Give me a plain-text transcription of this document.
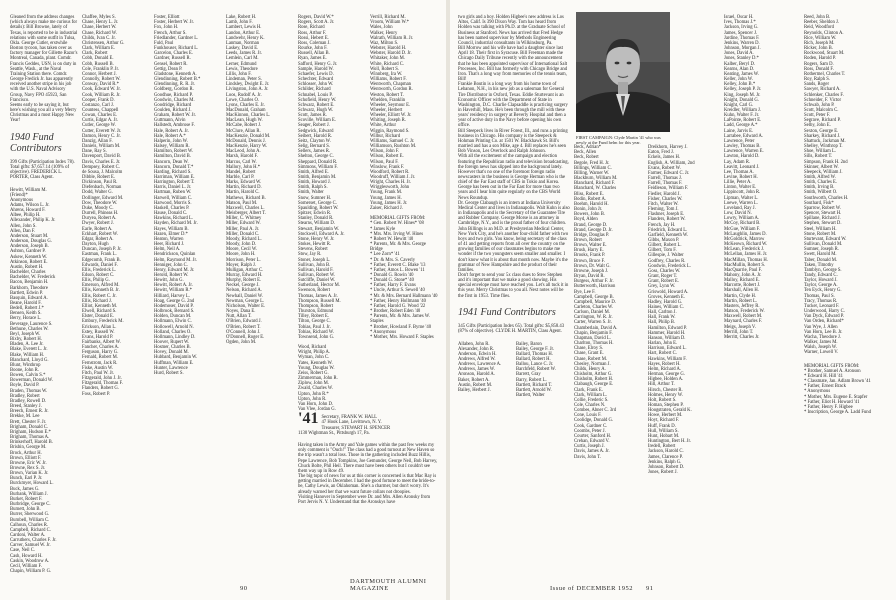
Gleaned from the address changes (which always make me curious for details): Bill Browne, lately of Texas, is reported to be in industrial relations with some outfit in Tulsa, Okla. George Cutler, erstwhile Boston tycoon, has taken over as factory manager for Gillette Razor's Montreal, Canada, plant. Comdr. Francis Geddes, USN, is on duty in Seattle, Wash., at the Naval Training Station there. Comdr. George Fredick Jr. has apparently received another stripe in his job with the U.S. Naval Advisory Group, Navy FPO 45923, San Francisco.
Seems early to be saying it, but here's wishing you all a very Merry Christmas and a most Happy New Year!

1940 Fund Contributors

399 Gifts (Participation Index 78). Total gifts: $7,657.14 (109% of objective). FREDERICK L. PORTER, Class Agent.

Hewitt, William M.
(Friend)*
Anonymous
Adams, Wilson L. Jr.
Ahrens, Howard F.
Albee, Philip H.
Allexander, Philip K. Jr.
Allen, John S.
Allen, Dan F.
Anderson, Stuart M.
Anderson, Douglas G.
Anderson, Joseph B.
Ashton, Gardner P.
Askew, Kenneth W.
Atkinson, Robert E.
Austin, Robert H.
Bachelder, Charles
Bachelder, W. Frederick
Bacon, Benjamin H.
Barkhorn, Theodore
Bartlett, Edwin P.
Basquin, Edward A.
Beane, Harold F.
Bedell, Robert J.*
Bensen, Keith S.
Berry, Horace L.
Beverage, Laurence S.
Bethune, Charles W.
Beyl, Joseph W.
Bixby, Robert H.
Bladen, A. Lee Jr.
Blake, Everett L. Jr.
Blake, William H.
Blanchard, Lloyd G.
Blunt, Winthrop
Boone, John R.
Bowen, Calvin S.*
Bowerman, Donald W.
Boyle, David P.
Braden, Thomas W.
Bradley, Robert
Bradley, Rowell D.
Breed, Stanley J.
Breech, Ernest R. Jr.
Brekke, M. Lee
Brett, Chester F. Jr.
Brigham, Donald C.
Brigham, Hudson E.*
Brigham, Thomas A.
Brinkerhoff, Harold B.
Brisbin, George M.
Brock, Arthur H.
Brown, Elliott F.
Browne, Eric W. Jr.
Browne, Rex S. Jr.
Brown, Varian K. Jr.
Bunch, Earl P. Jr.
Burckmyer, Howard L.
Buck, James G.
Burbank, William J.
Burket, Robert F.
Burbridge, George C.
Burnett, John B.
Burrer, Sherwood G.
Burnbell, William C.
Calhoun, Charles R.
Campbell, Richard C.
Cardoni, Walter A.
Carruthers, Charles F. Jr.
Carver, Samuel W. Jr.
Case, Neil C.
Cash, Howard H.
Caskin, Woodrow A.
Cecil, William F.
Chapin, William P. G.

Chaffee, Myles S.
Chase, Henry L. Jr.
Chase, Herbert W.
Chase, Richard W.
Childs, Ivan C. Jr.
Christensen, Arthur G.
Clark, William E.
Clark, Robert
Cobb, Donald E.
Cobb, Russell B.
Cole, Franklin P. Jr.
Connor, Herbert J.
Connolly, Robert W.
Conway, David R.*
Cook, Edward W. Jr.
Cook, William R. Jr.
Cooper, Frank D.
Costanzo, Carl J.
Countess, Chappell
Cowan, Charles E.
Curtis, Edgar A. Jr.
Cutler, George W.
Cutter, Everett W. Jr.
Damon, Henry C. Jr.
Danzig, Allan F.
Daniels, William M.
Dane, Ray S.
Davenport, David B.
Davis, Charles E. Jr.
Dempsey, Robert C.
de Sousa, J. Malcolm
Dibble, Robert E.
Dickinson, Paul R.
Diefenbach, Norman
Dodd, Walter G.
Dollinger, Edward M.
Dow, Theodore W.
Duke, Moody C.
Durrell, Phineas H.
Duryea, Robert A.
Dwyer, Robert J.
Earle, Robert A.
Eckhart, Robert W.
Edgar, Robert A.
Dayton, Hugh
Duncan, Joseph P. Jr.
Eastman, Frank L.
Edgecomb, Frank B.
Edwards, Daniel F.
Ellis, Frederick L.
Edson, Robert C.
Ellis, Philip G.
Emerson, Alfred M.
Ellis, Kenneth B. Jr.
Ellis, Robert C. Jr.
Ellis, Richard J.
Elliot, Kenneth M.
Elwell, Richard S.
Elster, Donald E.
Embury, Frederick M.
Erickson, Allan L.
Estey, Russell W.
Evans, Harold P.
Fairbanks, Albert W.
Fancher, Charles A.
Ferguson, Harry G.
Fernald, Robert M.
Fernstrom, Jack R.
Fiske, Austin W.
Fitch, Paul W. Jr.
Fitzgerald, John J. Jr.
Fitzgerald, Thomas F.
Flanders, Robert G.
Foss, Robert P.

Foster, Elliott
Foster, Herbert W. Jr.
Fox, John H.
French, Arthur S.
Friedlander, Gardner L.
Fuld, Paul
Funkhouser, Richard L.
Garcelon, Charles E.
Gardner, Russell R.
Gensel, Robert R.
Gettig, Dean P.
Gladstone, Kenneth A.
Glendinning, Robert B.*
Glendinning, R. R. Jr.
Goldberg, Gordon R.
Goodhue, Richard P.
Goodwin, Charles M.
Goodridge, Richard
Goulden, Richard J.
Graham, Robert W. Jr.
Guttmann, Alvin
Hallstedt, Ambrose F.
Hale, Robert A. Jr.
Hale, Robert A.*
Halperin, John W.
Halsey, William R.
Hamilton, Robert W.
Hamilton, David B.
Hancorn, Dean W.
Hancorn, Donald T.*
Harding, Richard S.
Harriman, William E.
Harrington, Robert T.
Harris, Daniel L. Jr.
Hartman, Ruben W.
Harwell, William C.
Harwood, Morris S.
Haskell, Charles P.
Hause, Donald C.
Hawkins, Richard L.
Hayden, Richard M. Jr.
Hayes, William B.
Hazen, Elmer D.*
Heaton, Warren
Heer, Richard J.
Helm, Neil A.
Hendrickson, Quinlan
Helm, Raymond M. Jr.
Henniger, John C.
Henry, Edward M. Jr.
Herold, Robert W.
Hewitt, John G.
Hewitt, Robert A. Jr.
Hewitt, William R.*
Hilliard, Harvey L.
Hoag, George G. 2nd
Hodemoser, David P.
Holbrook, Bernard S.
Holden, Duncan M.
Hollmann, Elwin C.
Hollowell, Arnold N.
Holland, Charles O.
Hollmann, Lindley D.
Hoover, Rupert W.
Hosmer, Charles B.
Hovey, Donald M.
Hubbard, Benjamin W.
Huffman, William E.
Hunter, Lawrence
Hurd, Robert S.

Lake, Robert H.
Lamb, John F.
Lambert, Lewis H.
Landon, Arthur E.
Landwehr, Henry K.
Lanman, Norman
Laskey, David E.
Leeds, James R. Jr.
Lemlein, Carl M.
Lerner, Edmund
Lewis, Theodore
Lillis, John F.
Lindeman, Peter S.
Lindsley, Dwight E. Jr.
Livingston, John A. Jr.
Loos, Rudolf A. Jr.
Lowe, Charles O.
Lyons, Charles E. Jr.
MacDonald, Graham
MacKinnon, Charles L.
MacLean, Hugh W.
McCabe, Robert J.
McClure, Allan R.
MacKenzie, Donald M.
McDonald, Dennis J.
MacKenzie, Harry W.
MacLeod, John A.
Marsh, Harold F.
Marcus, Carl W.
Mallory, John H.*
Mandel, Robert
Marble, Carl P.
Marks, Edward W.
Martin, Richard D.
Martin, Harold C.
Mathews, Richard B.
Matson, Paul M.
Maxwell, Charles L.
Meisberger, Albert T.
Miller, C. Whitney
Miller, Edward W.
Miller, Paul A. Jr.
Miller, Donald C.
Moody, Richard L.
Moody, John D.
Moore, Cecil W.
Moore, John H.
Morrison, Peter L.
Moyer, Ralph J.
Mulligan, Arthur C.
Murray, Edward H.
Murphy, Robert E.
Neckel, George J.
Nelson, Richard A.
Newhall, Daniel W.
Newman, George L.
Nicholson, Walter E.
Noyes, Dana E.
Nutt, Allan T.
O'Brien, Edward J.
O'Brien, Robert T.
O'Connell, John J.
O'Donnell, Roger E.
Ogden, John M.

Rogers, David W.*
Rogers, Scott A. Jr.
Rose, Richard
Ross, Arthur F.
Rossi, Hebert E.
Ross, Coleman J.
Rourke, John F.
Russell, Allan B.
Ryan, James E.
Safford, Henry G. Jr.
Sample, Harold W.
Schaefer, Lewis D.
Schechter, Edward
Schlosser, John W.
Schilder, Richard
Schnabel, Louis P.
Schofield, Henry W.
Schwarz, Robert E.
Schwarz, Hugh W.
Scott, James R.
Scoville, William E.
Seager, Robert J.
Sedgwick, Edward
Seibert, Harold R.
Seitz, Clayton W.
Selig, Bernard S.
Sellers, James R.
Shelton, George C.
Sheppard, Donald R.
Simmons, William F.
Smith, Alfred E.
Smith, Benjamin M.
Smith, Howard J.
Smith, Ralph S.
Smith, Walter
Snow, Sumner H.
Somerset, George C.
Spaulding, Robert W.
Spitzer, Edwin R.
Stanley, Donald R.
Stearns, William D.
Stewart, Benjamin W.
Stockwell, Edward A. Jr.
Stone, Henry W. Jr.
Stokes, Hewitt R.
Stevens, Robert
Stow, Jay R.
Stoner, Joseph L.
Sullivan, John B.
Sullivan, Harold F.
Sullivan, Robert W.
Sutcliffe, Daniel W.
Sutherland, Hector M.
Swenson, Robert
Thomas, James A. Jr.
Thompson, Russell M.
Thompson, Robert
Thurston, Edmund
Tilley, Robert E.
Tilton, George C.
Tobias, Paul J. Jr.
Tobias, Richard W.
Townsend, John G.

Wood, Richard
Wright, Philip A.
Wyman, John C.
Yates, Kenneth W.
Young, Douglas W.
Zeiss, Robert G.
Zimmerman, John R.
Ziplow, John M.
Zwald, Charles W.
Upton, John R.*
Upton, John R.
Van Horn, John D.
Van Vlee, Jordan G.

Verrill, Richard M.
Vroom, William W.*
Wales, John
Walker, Henry
Walrath, William R. Jr.
Waz, Milton S.
Webster, Harold H.
Webster, Harold D. Jr.
Whitaker, John M.
White, Richard C.
Woll, Robert S.
Winnberg, Ira W.
Williams, Robert F.
Wentworth, Chapman
Wentworth, Gordon R.
Weston, Robert T.
Whelden, Franklin
Wheeler, Seymour E.
Wheeler, Herbert
Wheeler, Elliott W. Jr.
Whiting, Joseph R.
White, Arthur
Wiggin, Raymond S.
Wilbur, Richard
Williams, Samuel C. Jr.
Williamson, Rushton M.
Wilson, John F.
Wilson, Robert E.
Wilson, Paul F.
Winslow, Frank F.
Woodford, Robert R.
Woodruff, William J. Jr.
Wright, Charles H. Jr.
Wrigglesworth, John
Young, Frank M.
Young, James H.
Young, James H. Jr.
Zaiser, Richard J.

MEMORIAL GIFTS FROM:
* Gen. Robert W. Hines* '08
* James Kyle
* Mrs. Mrs. Irving W. Hines
* Robert W. Hewitt '40
* Parents, Mr. & Mrs. George Bridge
* Lee Zorn* '41
* Dr. & Mrs. S. Caverly
* Father, Everett C. Blake '13
* Father, Amos L. Bowen '11
* Donald G. Rowin '40
* Donald G. Stone* '40
* Father, Harry F. Evans
* Uncle, Arthur S. Sewell '40
* Mr. & Mrs. Bernard Hallmann '40
* Father, Henry Hollmann '40
* Father, Harold G. Wood '22
* Brother, Robert Eden '40
* Parents, Mr. & Mrs. James W. Staples
* Brother, Howland F. Byrne '40
* Anonymous
* Mother, Mrs. Howard F. Staples

'41 Secretary, FRANK W. HALL
47 Hook Lane, Levittown, N. Y.
Treasurer, STEWART H. SPENCER
1130 Wightman St., Pittsburgh 17, Pa.

Having taken in the Army and Yale games within the past few weeks my only comment is "Ouch!" The class had a good turnout at New Haven so the trip wasn't a total loss. Those in the gathering included Buzz Hillis, Pepe Lawrence, Bob Tompkins, Joe Gemunder, George Neil, Bob Harvey, Chuck Bolte, Phil Heil. There must have been others but I couldn't see them way up in Row 49.
The big topic of news for us at this corner is concerned is that Mac Ray is getting married in December. I had the good fortune to meet the bride-to-be, Cathy Lewis, an Oklahoman. She's a charmer, but don't worry. It's already warned her that we want future collars not droopies.
Visiting Hanover in September were Dr. and Mrs. Allen Aronsky from Port Jervis N. Y. Understand that the Aronskys have

90
DARTMOUTH ALUMNI MAGAZINE

two girls and a boy. Holden Higbee's new address is Los Altos, Calif. Is 390 Dixon Way. Tom has heard from Holden was talking with Ph.D. at the Graduate School of Business at Stanford. News has arrived that Fred Hedge has been named supervisor by Methods Engineering Council, industrial consultants in Wilkinsburg, Pa.
Bill Morrow and his wife have had a daughter since last April 18. Their first in Syracuse. Bill Freeman made the Chicago Daily Tribune recently with the announcement that he has been appointed supervisor of International Salt Processes, Inc. Bill has formerly with Chicago Bridge and Iron. That's a long way from memories of the tennis team, Bill!
Frankie Boutin is a long way from his home town of Lebanon, N.H., in his new job as a salesman for General Tire Distributor in Oxford, Texas. Eddie Sturtevant is an Economic Officer with the Department of State in Washington, D.C. Charlie Clapsaddle is practicing surgery in Haverhill, Mass. He's been through the mill with these years' residency in surgery at Beverly Hospital and then a year of active duty in the Navy before opening his own office.
Bill Steepeck lives in River Forest, Ill., and runs a printing business in Chicago. His company is the Steepeck & Hohman Printing Co. at 1501 W. Blackhawk St. Bill's married and has a son Mike, age 4. Bill replaces he's seen Bob Vinson, Les Overlock and Ralph Johnson.
With all the excitement of the campaign and election featuring the Republican radio and television broadcasting, the foreign news has slipped into the background lately. However that's no one of the foremost foreign radio newscasters in the business is George Herman who is the chief of the Far East staff of CBS in Tokio and Korea. George has been out in the Far East for more than two years and I hear him quite regularly on the CBS World News Roundup.
Dr. George Clabaugh is an intern at Indiana University Medical Center and lives in Indianapolis. Walt Kuhn is also in Indianapolis and is the Secretary of the Guarantee Tire and Rubber Company. George Morse is an attorney in Cambridge, N.Y., and is the proud father of four children. John Billings is an M.D. at Presbyterian Medical Center, New York City, and he's another four-child father with two boys and two girls. You know, being secretary of the class of 41 and getting reports from all over the country on the growing families of our classmates begins to make me wonder if the two youngsters seem smaller and smaller. I don't know what it is about that month now. Maybe it's the grammar of New Hampshire and the product of their families.
Don't forget to send your 5x class dues to Stew Stephen and it's important that we make a good showing. His special envelope must have reached you. Let's all tuck it in this year. Merry Christmas to you all. Next notes will be the first in 1953. Time flies.

1941 Fund Contributors

345 Gifts (Participation Index 65). Total gifts: $5,858.43 (87% of objective). CLYDE H. MARTIN, Class Agent.

Allaben, John R.
Alexander, John R.
Anderson, Edwin H.
Andrews, Alfred W.
Andrews, Lawrence A.
Andrews, James W.
Aronson, Harold A.
Baker, Robert A.
Austin, Robert M.
Bailey, Herbert J.
Bailey, Baron
Bailey, George F. Jr.
Ballard, Thomas H.
Ballard, Robert H.
Ballou, Lance C. Jr.
Barchfeld, Robert W.
Barrett, Gray
Barry, Robert L.
Bartlett, Richard T.
Bartlett, Arnold W.
Bartlett, Walter

FIRST CAMPAIGN: Clyde Martin '41 who was newly at the Fund helm for this year.

Beck, Adrian*
Beck, Allen
Beck, Robert
Begole, Fred H. Jr.
Billings, William C.
Billing, Warner W.
Blackburn, William M.
Blanchard, Richard F.
Blanchard, W. Charles
Bliss, Robert E.
Bodin, Robert A.
Boehm, Harold H.
Bonin, John Jr.
Bowers, John B.
Boyd, Alden
Brand, George D.
Brand, George D. Jr.
Bridge, Douglas P.
Brown, Robert
Brown, Walter E.
Brush, Harry E.
Brooks, Frank P.
Brown, Bruce F.
Brown, Dr. Walt G.
Browne, Joseph J.
Bryan, David R.
Burgess, Arthur F. Jr.
Butterworth, Harrison
Bye, Lee F.
Campbell, George B.
Campbell, Maurice D.
Carleton, Charles W.
Carlson, Daniel M.
Carrington, W. R. Jr.
Carter, Warren S. Jr.
Chamberlain, David A.
Chapin, Benjamin F.
Chapman, David L.
Charlton, Thomas H.
Chase, Elroy S.
Chase, Grant E.
Chase, Robert M.
Chesley, Norman J.
Childs, Henry A.
Chisholm, Arthur G.
Chisholm, Robert H.
Clabaugh, George E.
Clark, Frank E.
Clark, William L.
Collie, Frederic S.
Cole, Charles N.
Combes, Abner C. 3rd
Cone, Louis F.
Coolidge, Donald G.
Cook, Gardner C.
Coombs, Peter J.
Courter, Sanford H.
Crehan, Edward V.
Curtis, Joseph J.
Davis, James A. Jr.
Davis, John T.

Dreikhorn, Harvey J.
Eaton, Fred J.
Eckels, James H.
English, A. William, 2nd
Evans, Robert W.
Farmer, Edward C. Jr.
Farrell, Thomas J.
Farrell, Thomas F.
Feidleson, William F.
Fiedler, Harold J.
Fisher, Charles W.
Fitch, Walter W.
Fleming, Tom J.
Flashner, Joseph E.
Flanders, Robert W.
French, Jay H.
Friedrich, Edward L.
Garfield, Kenneth W.
Gibbs, Maxon P.
Gilbert, Robert L.
Gilbert, Tom F.
Gillespie, J. Walter
Godfrey, Charles R.
Goodwin, Frederick L.
Goss, Charles W.
Grant, Roger T.
Grant, Robert E.
Grey, Lynn W.
Griswold, Howard A.
Groves, Kenneth E.
Hadley, Harold G.
Haines, William C.
Hall, Carlton J.
Hall, Frank W.
Hall, Philip B.
Hamilton, Edward P.
Hammer, Harold H.
Hanson, William D.
Harlan, John E.
Harrison, Edward L.
Hart, Robert C.
Hawkins, William F.
Hayes, Robert H.
Helm, Richard A.
Herman, George G.
Higbee, Holden A.
Hill, Arthur T.
Hirsch, Chester R.
Holmes, Henry W.
Holt, Robert S.
Homan, Stephen P.
Hoogstraten, Gerald K.
Howe, Herbert M.
Hoyt, Richard F.
Huff, Frank D.
Hull, William S.
Hunt, Hobart M.
Huntington, Bert H. Jr.
Iredell, Robert
Jackson, Harold C.
James, Clarence P.
Jenkins, Ralph G.
Johnson, Robert D.
Jones, Robert J.

Israel, Oscar H.
Ives, Thomas J.*
Jackson, Irving G.
James, Spencer J.
Jardine, Thomas F.
Jenkins, Warren D.
Johnson, Morgan J.
Jones, David A.
Jones, Stanley D.*
Kalber, Beryl D.
Kearns, Alan D.
Keating, James W.
Keller, John W.
Kelley, John B.*
Kelley, Joseph P. Jr.
King, Joseph M. Jr.
Knight, Donald G.
Knight, Carl G.
Kreidler, William J.
Kuhn, Walter F. Jr.
LaPointe, Robert E.
Ladd, George A.*
Laine, Jarvis E.
Larrabee, Edward A.
Lawrence, Peter
Lawley, Thomas B.
Lawrence, Warren E.
Lawton, Harold D.
Lay, Adam R.
Leavitt, Leonard J.
Lee, Thomas A.
Levine, Robert H.
Lillie, Peter A.
Linton, Walter E.
Lippincott, John R.
Lipman, Walter L.
Loewe, Warren L.
Loveland, Ray J.
Low, David N.
Lowry, William A.
McCoy, Richard B.
McGue, William F.
McLaughlin, James D.
McGoldrick, Marrow
McKeown, Richard W.
McLean, Frederick J.
McLellan, James H. Jr.
MacMillan, Thomas H.
MacMullin, Robert S.
MacQuarrie, Paul F.
Mahony, John A. Jr.
Malloy, Richard E.
Marcotte, Robert J.
Marshall, Allen H.
Martin, Clyde H.
Martin, Robert L.
Masters, Jeffrey R.
Matson, Frederick W.
Maxwell, Robert M.
Maynard, Charles F.
Meigs, Joseph V.
Merrill, John T.
Merritt, Charles Jr.

Reed, John B.
Reeber, Sheldon J.
Reid, Woodford
Reynolds, Clinton A.
Rice, William W.
Rich, Joseph M.
Ricker, John B.
Rockwood, Stuart M.
Roden, Harold P.
Rogers, Sam D.
Ross, Donald F.
Rothermel, Charles T.
Roy, Ralph S.
Sands, Roger
Sawyer, Richard A.
Schlenker, Charles F.
Schneider, F. Victor
Schwab, John P.
Scott, Malcolm C.
Scott, Peter F.
Segrave, Richard P.
Selby, John E.
Sexton, George E.
Sharkey, Richard J.
Shattuck, Jackman M.
Shelley, Winthrop T.
Shoe, William L.
Sills, Robert T.
Simpson, Frank H. 2nd
Skinner, Albert W.
Sleepeck, William J.
Smith, Alfred W.
Smith, Charles E.
Smith, Irving B.
Smith, Wilbert O.
Southworth, Charles H.
Southard, Fisk*
Sparrow, Robert W.
Spencer, Stewart H.
Spillane, Richard J.
Stephen, Stewart D.
Steel, William H.
Stone, Robert M.
Sturtevant, Edward W.
Sullivan, Donald M.
Sumner, Joseph R.
Swett, Harold M.
Taber, Donald M.
Taken, Timothy
Tamblyn, George S.
Tandy, Edward C.
Taylor, Howard J.
Taylor, George A.
Ten Eyck, Henry G.
Thomas, Paul S.
Tracy, Thomas R.
Tucker, Leonard F.
Underwood, Harry C.
Van Dyck, Edward P.
Van Orden, Richard*
Van Wye, J. Allen
Van Horn, Lee B. Jr.
Wacha, Theodore J.
Walker, James M.
Walsh, Joseph W.
Warner, Lowell V.

MEMORIAL GIFTS FROM:
* Brother, Samuel A. Aronson
* Edward H. Hill '41
* Classmate, Jan. Adlam Brown '41
* Father, Ernest Brack
* Anonymous
* Mother, Mrs. Eugene E. Stapfer
* Father, Eliot H. Howard '41
* Father, Henry F. Higbee
* Inscription, George A. Ladd Fund

Issue of DECEMBER 1952 91
